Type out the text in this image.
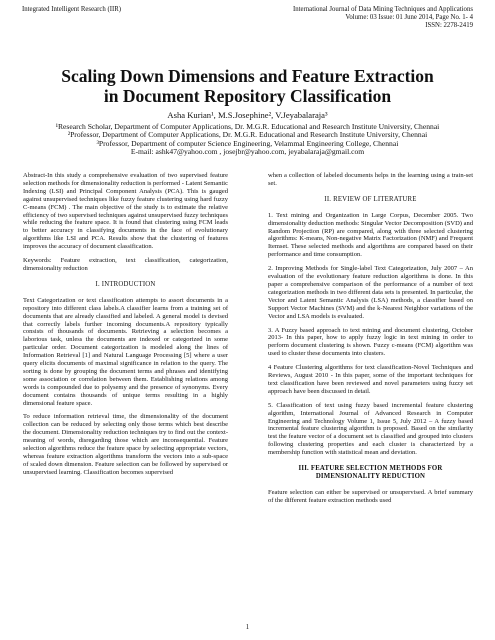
Integrated Intelligent Research (IIR)	International Journal of Data Mining Techniques and Applications
Volume: 03 Issue: 01 June 2014, Page No. 1- 4
ISSN: 2278-2419
Scaling Down Dimensions and Feature Extraction
in Document Repository Classification
Asha Kurian¹, M.S.Josephine², V.Jeyabalaraja³
¹Research Scholar, Department of Computer Applications, Dr. M.G.R. Educational and Research Institute University, Chennai
²Professor, Department of Computer Applications, Dr. M.G.R. Educational and Research Institute University, Chennai
³Professor, Department of computer Science Engineering, Velammal Engineering College, Chennai
E-mail: ashk47@yahoo.com , josejbr@yahoo.com, jeyabalaraja@gmail.com

Abstract-In this study a comprehensive evaluation of two supervised feature selection methods for dimensionality reduction is performed - Latent Semantic Indexing (LSI) and Principal Component Analysis (PCA). This is gauged against unsupervised techniques like fuzzy feature clustering using hard fuzzy C-means (FCM) . The main objective of the study is to estimate the relative efficiency of two supervised techniques against unsupervised fuzzy techniques while reducing the feature space. It is found that clustering using FCM leads to better accuracy in classifying documents in the face of evolutionary algorithms like LSI and PCA. Results show that the clustering of features improves the accuracy of document classification.

Keywords: Feature extraction, text classification, categorization, dimensionality reduction

I. INTRODUCTION

Text Categorization or text classification attempts to assort documents in a repository into different class labels.A classifier learns from a training set of documents that are already classified and labeled. A general model is devised that correctly labels further incoming documents.A repository typically consists of thousands of documents. Retrieving a selection becomes a laborious task, unless the documents are indexed or categorized in some particular order. Document categorization is modeled along the lines of Information Retrieval [1] and Natural Language Processing [5] where a user query elicits documents of maximal significance in relation to the query. The sorting is done by grouping the document terms and phrases and identifying some association or correlation between them. Establishing relations among words is compounded due to polysemy and the presence of synonyms. Every document contains thousands of unique terms resulting in a highly dimensional feature space.

To reduce information retrieval time, the dimensionality of the document collection can be reduced by selecting only those terms which best describe the document. Dimensionality reduction techniques try to find out the context-meaning of words, disregarding those which are inconsequential. Feature selection algorithms reduce the feature space by selecting appropriate vectors, whereas feature extraction algorithms transform the vectors into a sub-space of scaled down dimension. Feature selection can be followed by supervised or unsupervised learning. Classification becomes supervised

when a collection of labeled documents helps in the learning using a train-set set.

II. REVIEW OF LITERATURE

1. Text mining and Organization in Large Corpus, December 2005. Two dimensionality deduction methods: Singular Vector Decomposition (SVD) and Random Projection (RP) are compared, along with three selected clustering algorithms: K-means, Non-negative Matrix Factorization (NMF) and Frequent Itemset. These selected methods and algorithms are compared based on their performance and time consumption.

2. Improving Methods for Single-label Text Categorization, July 2007 – An evaluation of the evolutionary feature reduction algorithms is done. In this paper a comprehensive comparison of the performance of a number of text categorization methods in two different data sets is presented. In particular, the Vector and Latent Semantic Analysis (LSA) methods, a classifier based on Support Vector Machines (SVM) and the k-Nearest Neighbor variations of the Vector and LSA models is evaluated.

3. A Fuzzy based approach to text mining and document clustering, October 2013- In this paper, how to apply fuzzy logic in text mining in order to perform document clustering is shown. Fuzzy c-means (FCM) algorithm was used to cluster these documents into clusters.

4 Feature Clustering algorithms for text classification-Novel Techniques and Reviews, August 2010 - In this paper, some of the important techniques for text classification have been reviewed and novel parameters using fuzzy set approach have been discussed in detail.

5. Classification of text using fuzzy based incremental feature clustering algorithm, International Journal of Advanced Research in Computer Engineering and Technology Volume 1, Issue 5, July 2012 – A fuzzy based incremental feature clustering algorithm is proposed. Based on the similarity test the feature vector of a document set is classified and grouped into clusters following clustering properties and each cluster is characterized by a membership function with statistical mean and deviation.

III. FEATURE SELECTION METHODS FOR DIMENSIONALITY REDUCTION

Feature selection can either be supervised or unsupervised. A brief summary of the different feature extraction methods used

1
